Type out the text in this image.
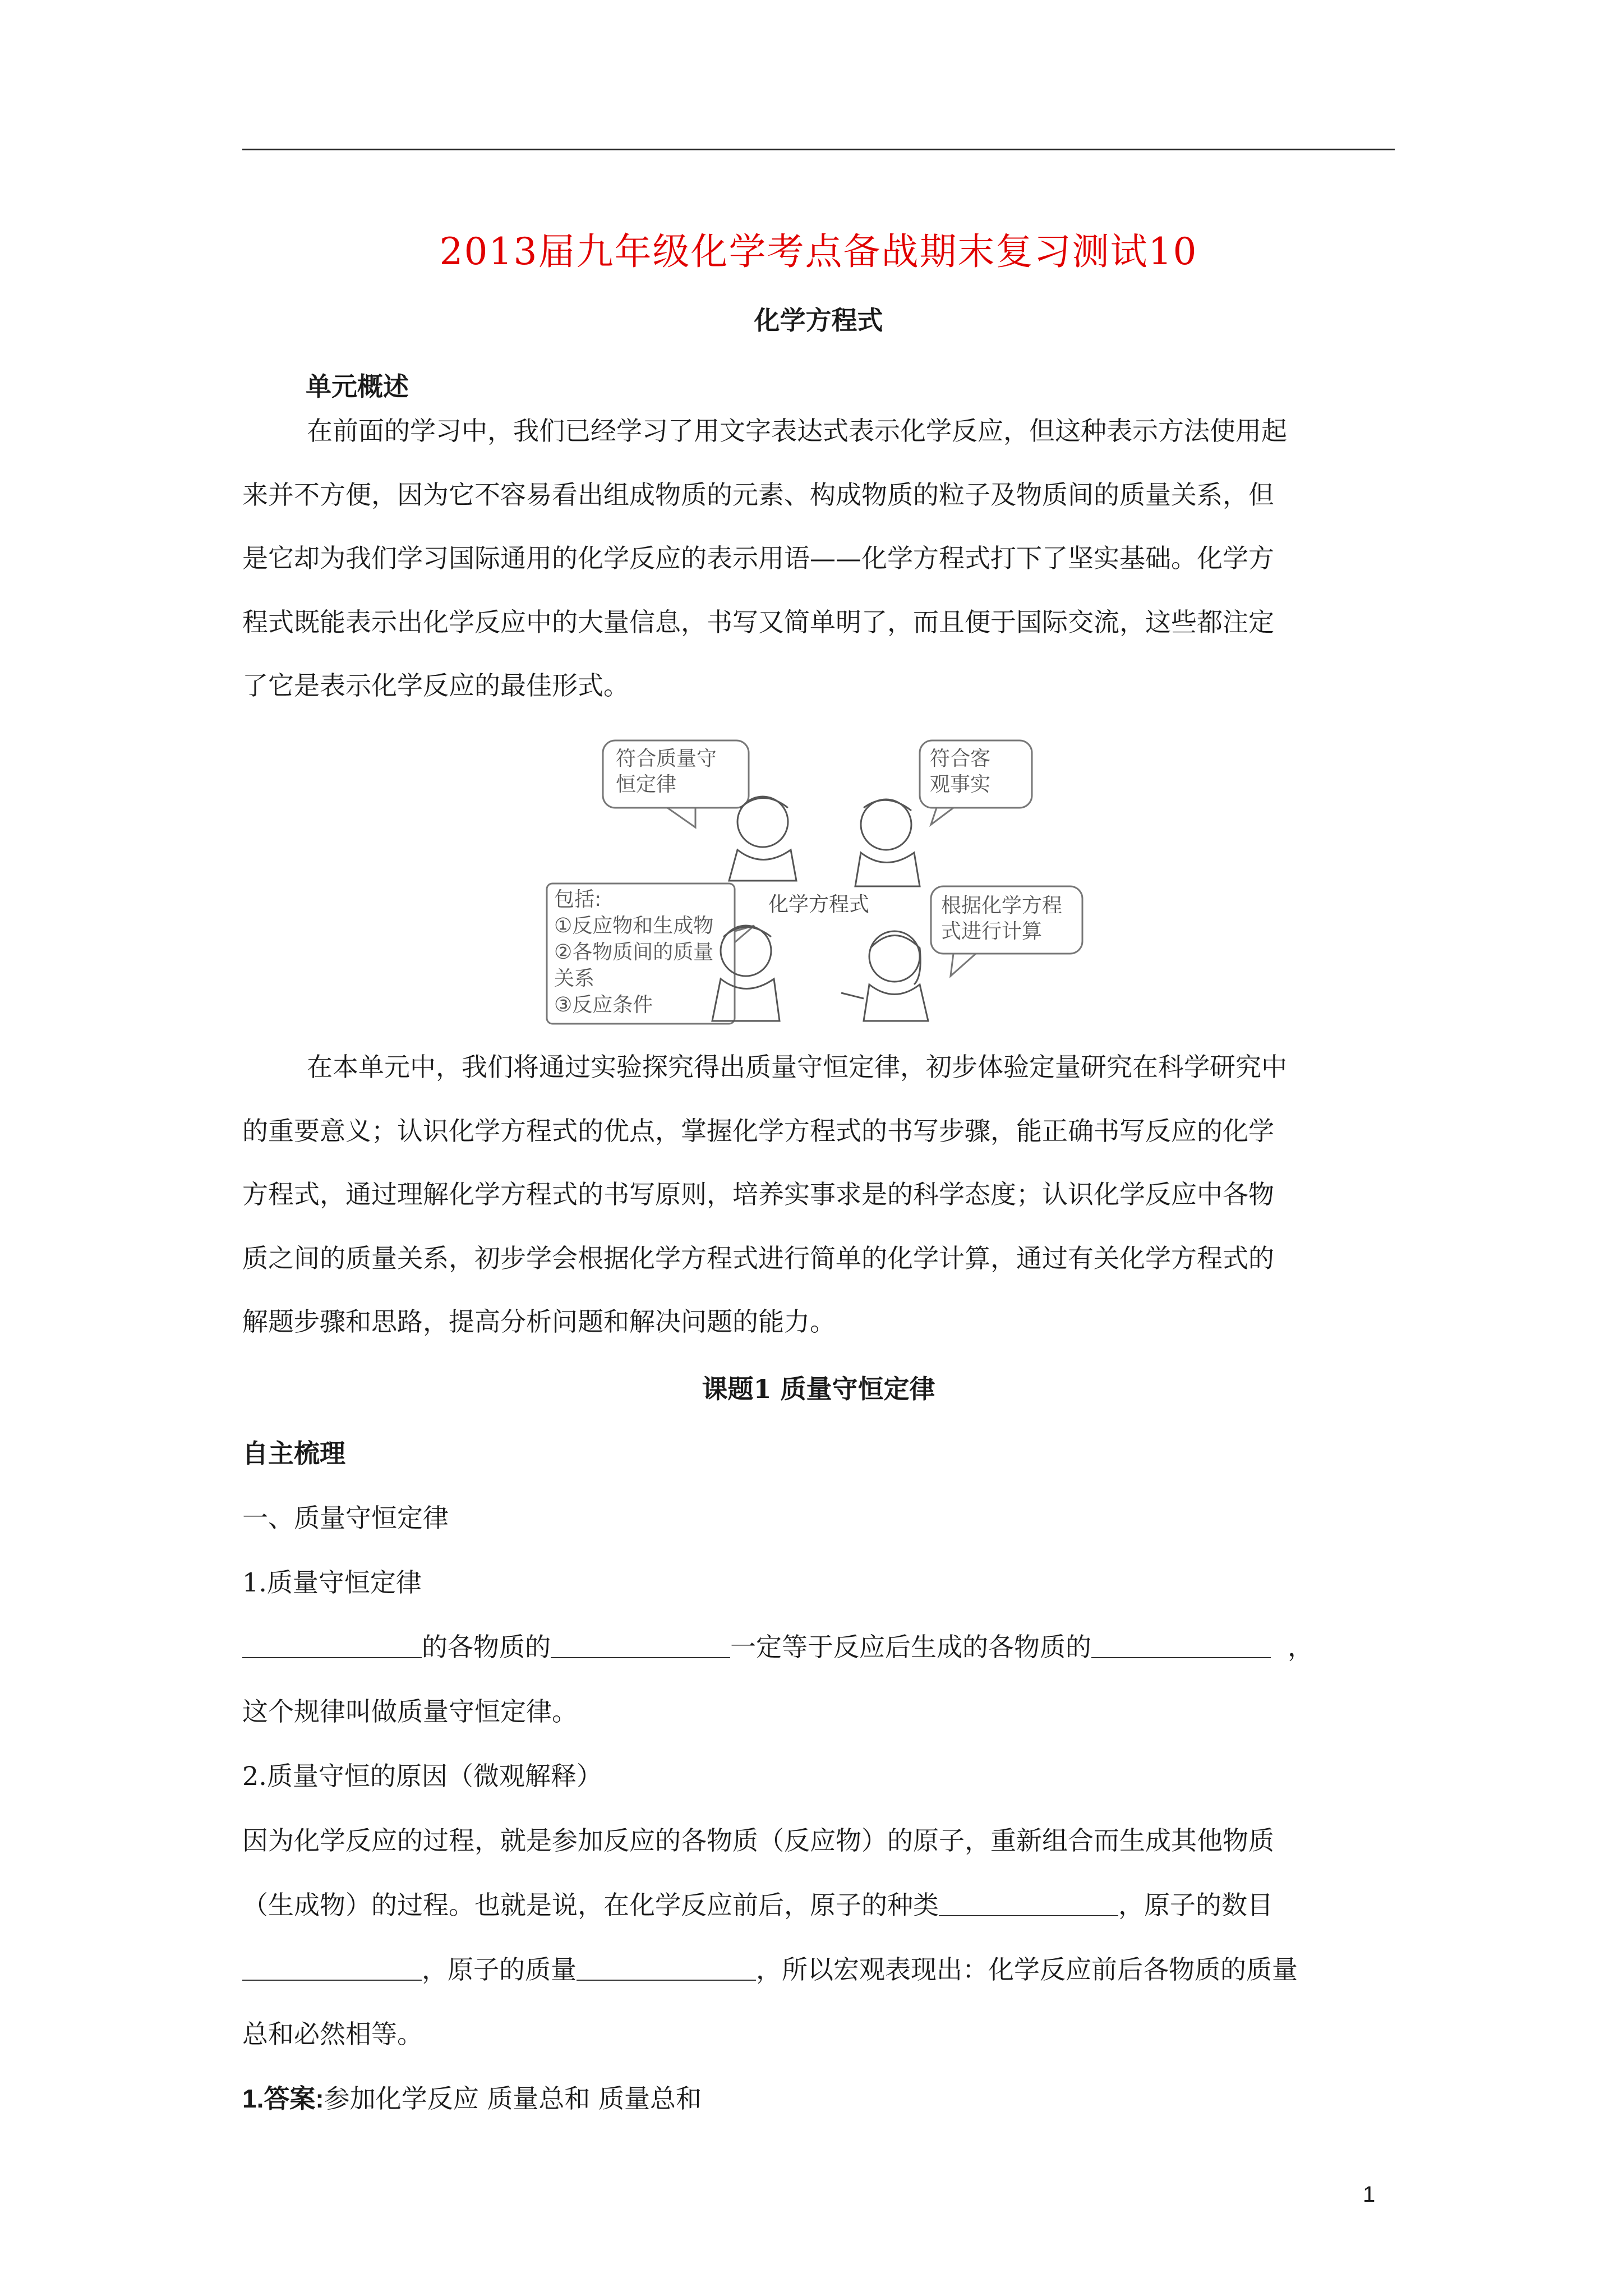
2013届九年级化学考点备战期末复习测试10
化学方程式
单元概述
在前面的学习中，我们已经学习了用文字表达式表示化学反应，但这种表示方法使用起
来并不方便，因为它不容易看出组成物质的元素、构成物质的粒子及物质间的质量关系，但
是它却为我们学习国际通用的化学反应的表示用语——化学方程式打下了坚实基础。化学方
程式既能表示出化学反应中的大量信息，书写又简单明了，而且便于国际交流，这些都注定
了它是表示化学反应的最佳形式。
符合质量守
恒定律
符合客
观事实
化学方程式
包括:
①反应物和生成物
②各物质间的质量
关系
③反应条件
根据化学方程
式进行计算
在本单元中，我们将通过实验探究得出质量守恒定律，初步体验定量研究在科学研究中
的重要意义；认识化学方程式的优点，掌握化学方程式的书写步骤，能正确书写反应的化学
方程式，通过理解化学方程式的书写原则，培养实事求是的科学态度；认识化学反应中各物
质之间的质量关系，初步学会根据化学方程式进行简单的化学计算，通过有关化学方程式的
解题步骤和思路，提高分析问题和解决问题的能力。
课题1 质量守恒定律
自主梳理
一、质量守恒定律
1.质量守恒定律
的各物质的	一定等于反应后生成的各物质的	，
这个规律叫做质量守恒定律。
2.质量守恒的原因（微观解释）
因为化学反应的过程，就是参加反应的各物质（反应物）的原子，重新组合而生成其他物质
（生成物）的过程。也就是说，在化学反应前后，原子的种类	，原子的数目
，原子的质量	，所以宏观表现出：化学反应前后各物质的质量
总和必然相等。
1.答案:参加化学反应 质量总和 质量总和
1
